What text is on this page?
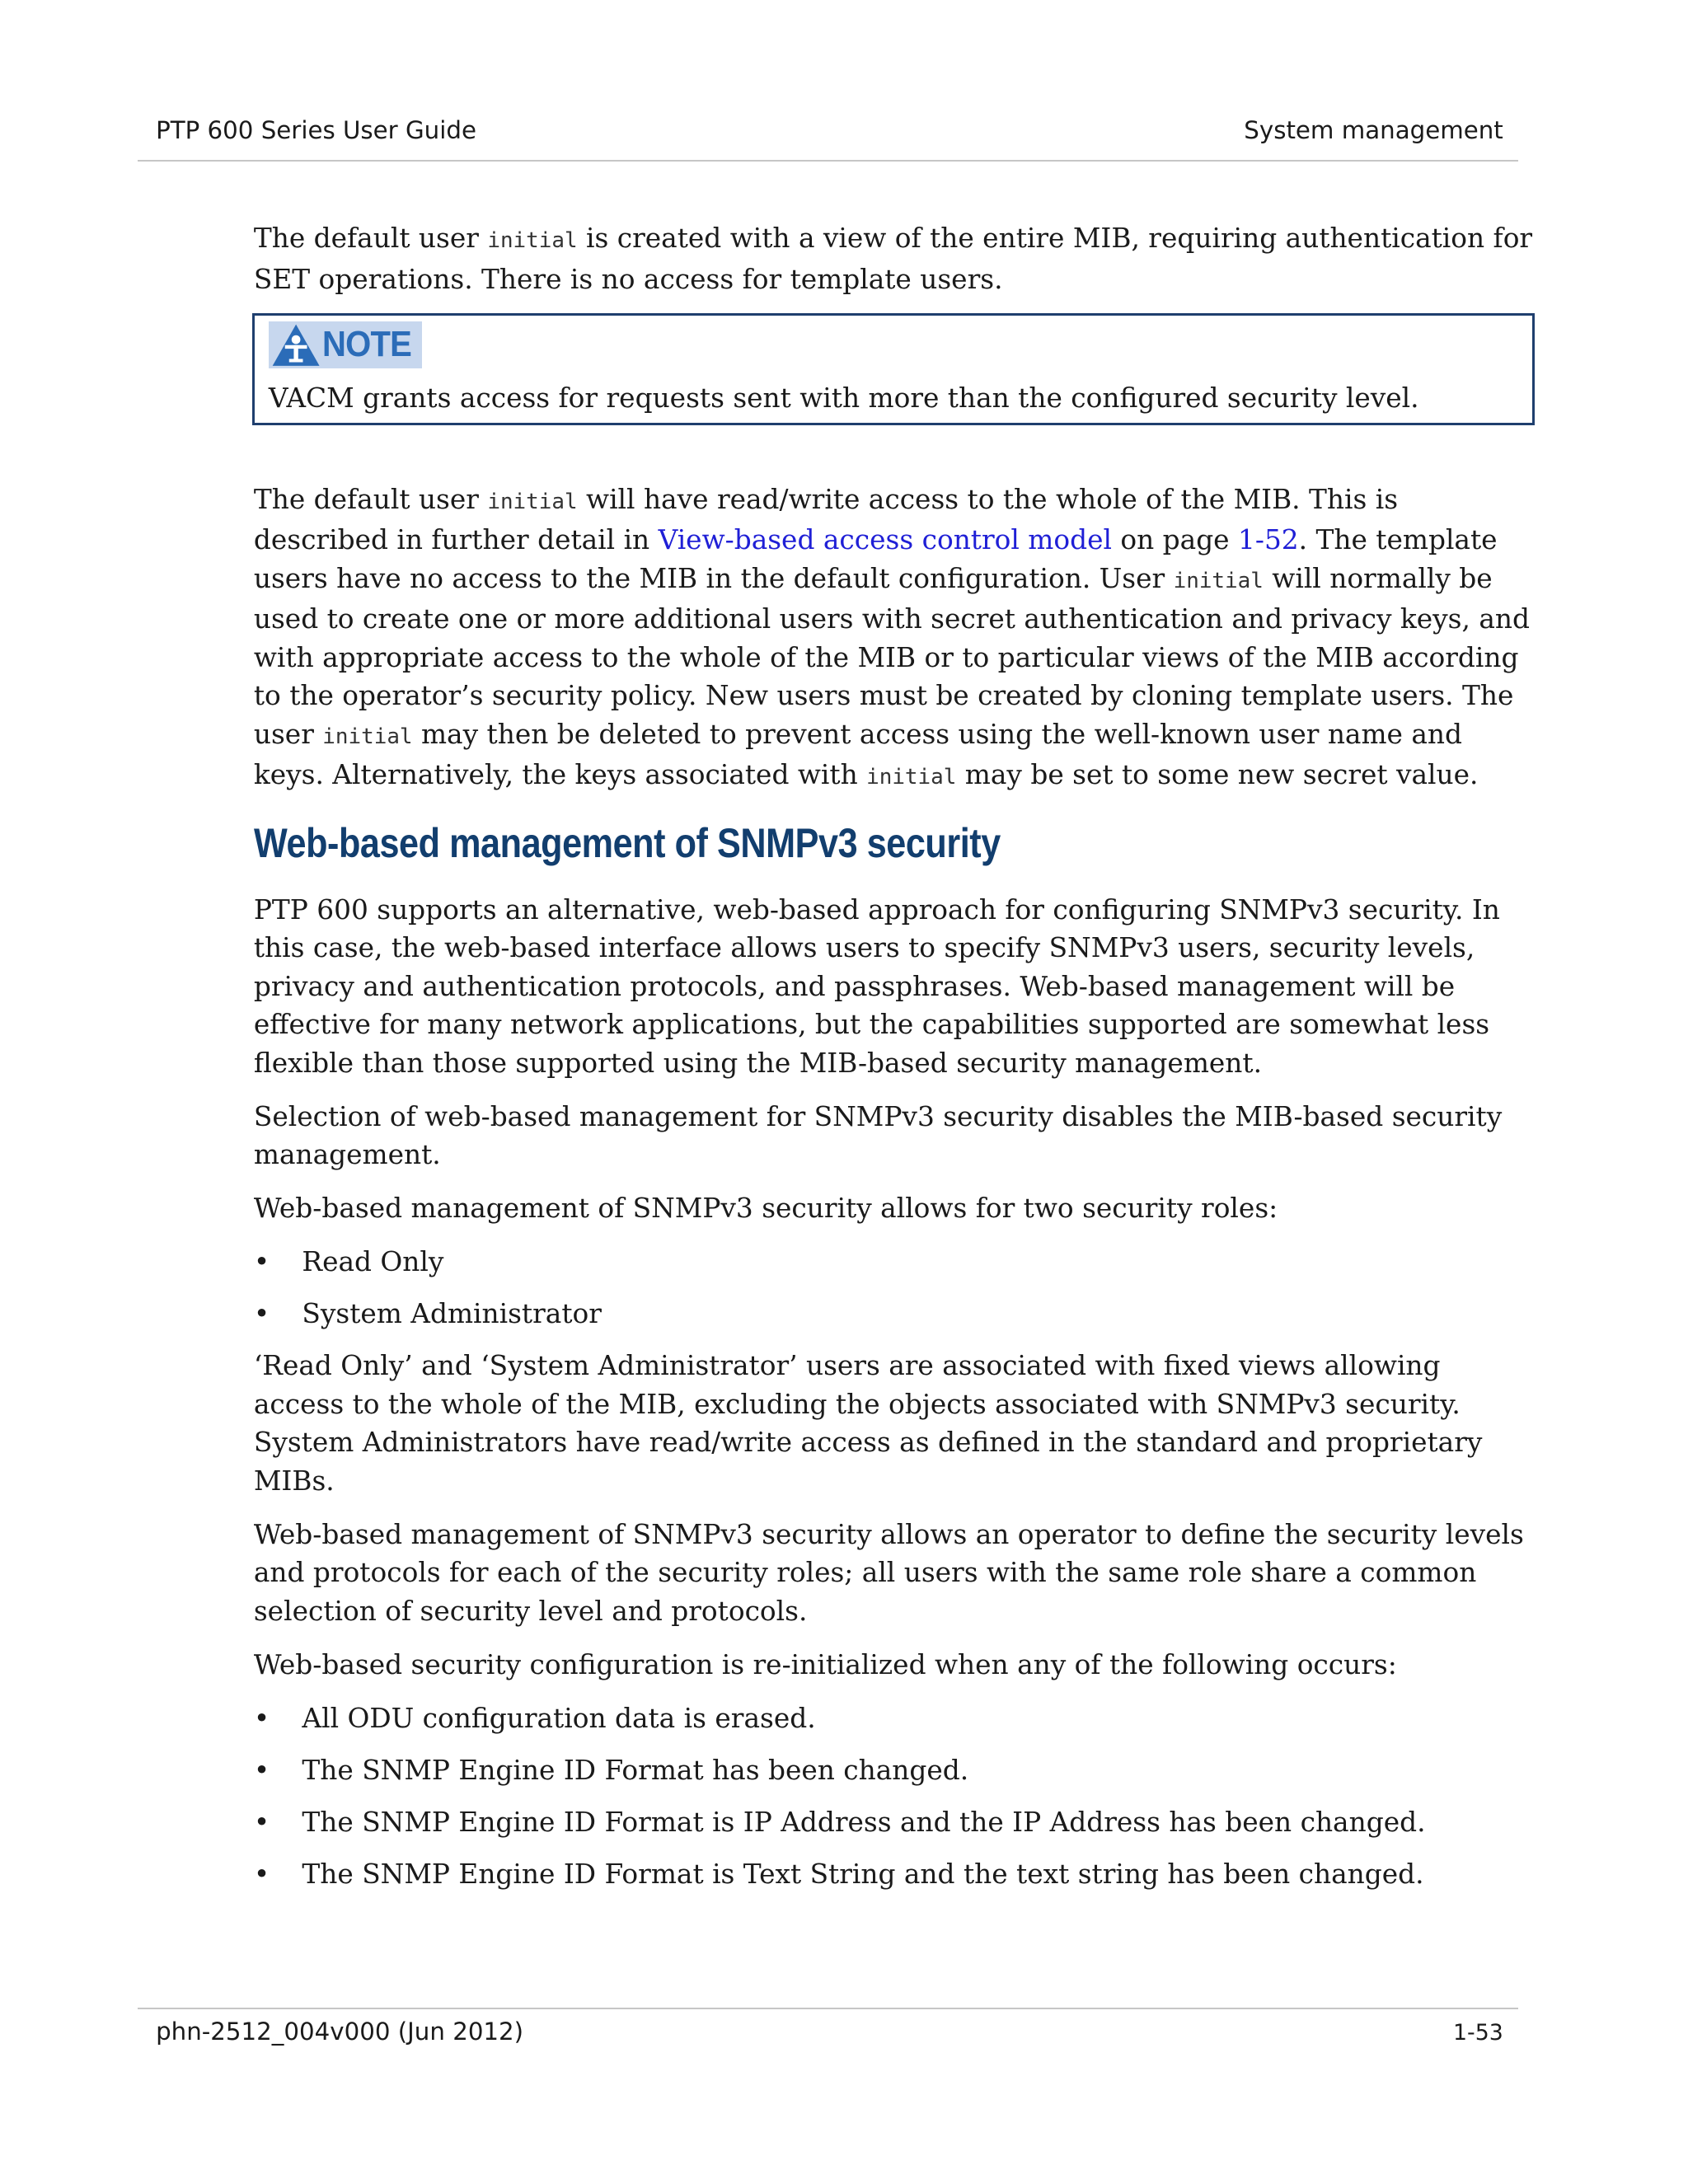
PTP 600 Series User Guide	System management

The default user initial is created with a view of the entire MIB, requiring authentication for SET operations. There is no access for template users.

NOTE
VACM grants access for requests sent with more than the configured security level.

The default user initial will have read/write access to the whole of the MIB. This is described in further detail in View-based access control model on page 1-52. The template users have no access to the MIB in the default configuration. User initial will normally be used to create one or more additional users with secret authentication and privacy keys, and with appropriate access to the whole of the MIB or to particular views of the MIB according to the operator’s security policy. New users must be created by cloning template users. The user initial may then be deleted to prevent access using the well-known user name and keys. Alternatively, the keys associated with initial may be set to some new secret value.

Web-based management of SNMPv3 security

PTP 600 supports an alternative, web-based approach for configuring SNMPv3 security. In this case, the web-based interface allows users to specify SNMPv3 users, security levels, privacy and authentication protocols, and passphrases. Web-based management will be effective for many network applications, but the capabilities supported are somewhat less flexible than those supported using the MIB-based security management.

Selection of web-based management for SNMPv3 security disables the MIB-based security management.

Web-based management of SNMPv3 security allows for two security roles:

• Read Only
• System Administrator

‘Read Only’ and ‘System Administrator’ users are associated with fixed views allowing access to the whole of the MIB, excluding the objects associated with SNMPv3 security. System Administrators have read/write access as defined in the standard and proprietary MIBs.

Web-based management of SNMPv3 security allows an operator to define the security levels and protocols for each of the security roles; all users with the same role share a common selection of security level and protocols.

Web-based security configuration is re-initialized when any of the following occurs:

• All ODU configuration data is erased.
• The SNMP Engine ID Format has been changed.
• The SNMP Engine ID Format is IP Address and the IP Address has been changed.
• The SNMP Engine ID Format is Text String and the text string has been changed.
phn-2512_004v000 (Jun 2012)	1-53
